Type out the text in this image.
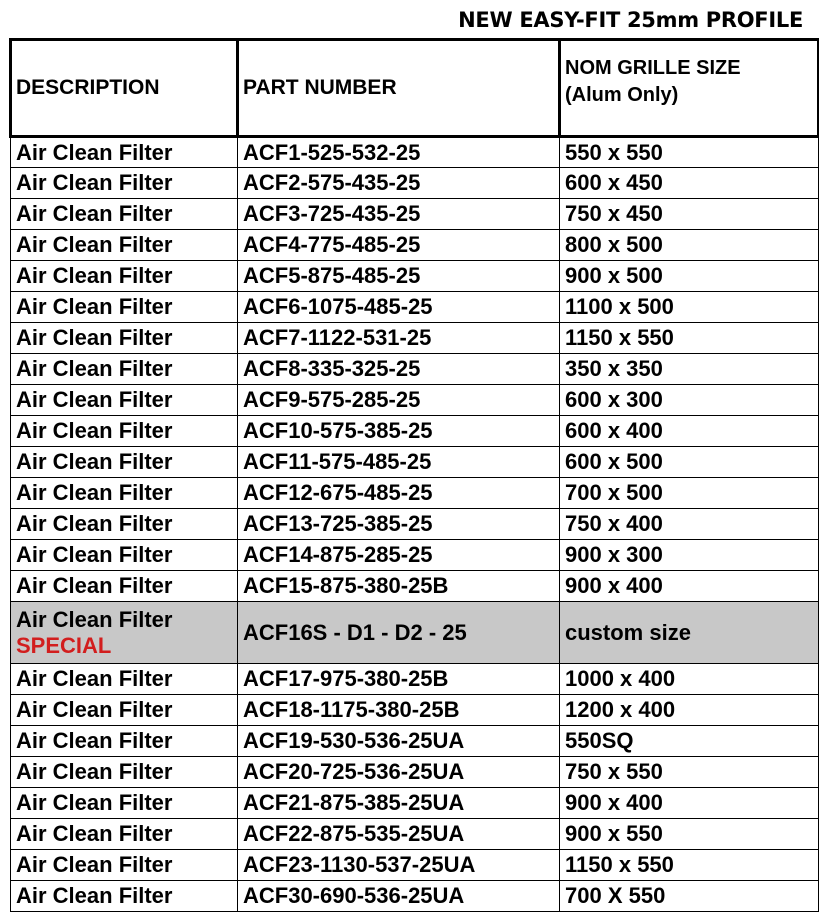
NEW EASY-FIT 25mm PROFILE
DESCRIPTION	PART NUMBER	NOM GRILLE SIZE
(Alum Only)

Air Clean Filter	ACF1-525-532-25	550 x 550
Air Clean Filter	ACF2-575-435-25	600 x 450
Air Clean Filter	ACF3-725-435-25	750 x 450
Air Clean Filter	ACF4-775-485-25	800 x 500
Air Clean Filter	ACF5-875-485-25	900 x 500
Air Clean Filter	ACF6-1075-485-25	1100 x 500
Air Clean Filter	ACF7-1122-531-25	1150 x 550
Air Clean Filter	ACF8-335-325-25	350 x 350
Air Clean Filter	ACF9-575-285-25	600 x 300
Air Clean Filter	ACF10-575-385-25	600 x 400
Air Clean Filter	ACF11-575-485-25	600 x 500
Air Clean Filter	ACF12-675-485-25	700 x 500
Air Clean Filter	ACF13-725-385-25	750 x 400
Air Clean Filter	ACF14-875-285-25	900 x 300
Air Clean Filter	ACF15-875-380-25B	900 x 400

Air Clean Filter
SPECIAL	ACF16S - D1 - D2 - 25	custom size
Air Clean Filter	ACF17-975-380-25B	1000 x 400
Air Clean Filter	ACF18-1175-380-25B	1200 x 400
Air Clean Filter	ACF19-530-536-25UA	550SQ
Air Clean Filter	ACF20-725-536-25UA	750 x 550
Air Clean Filter	ACF21-875-385-25UA	900 x 400
Air Clean Filter	ACF22-875-535-25UA	900 x 550
Air Clean Filter	ACF23-1130-537-25UA	1150 x 550
Air Clean Filter	ACF30-690-536-25UA	700 X 550
